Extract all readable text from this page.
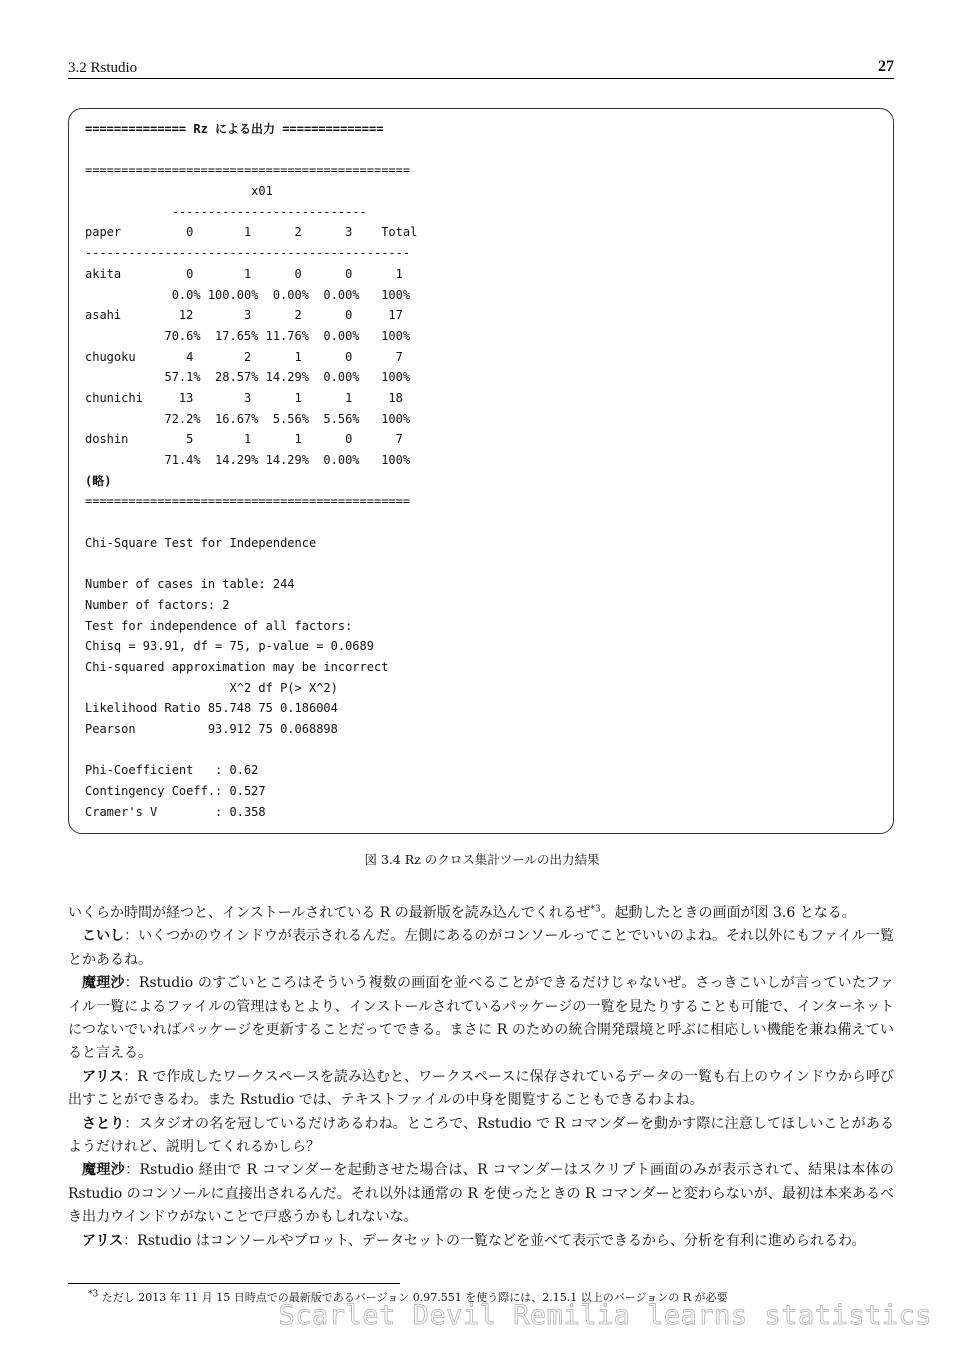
3.2 Rstudio	27
============== Rz による出力 ==============
=============================================
x01
---------------------------
paper         0       1      2      3    Total
---------------------------------------------
akita         0       1      0      0      1
0.0% 100.00%  0.00%  0.00%   100%
asahi        12       3      2      0     17
70.6%  17.65% 11.76%  0.00%   100%
chugoku       4       2      1      0      7
57.1%  28.57% 14.29%  0.00%   100%
chunichi     13       3      1      1     18
72.2%  16.67%  5.56%  5.56%   100%
doshin        5       1      1      0      7
71.4%  14.29% 14.29%  0.00%   100%
(略)
=============================================
Chi-Square Test for Independence
Number of cases in table: 244
Number of factors: 2
Test for independence of all factors:
Chisq = 93.91, df = 75, p-value = 0.0689
Chi-squared approximation may be incorrect
X^2 df P(> X^2)
Likelihood Ratio 85.748 75 0.186004
Pearson          93.912 75 0.068898
Phi-Coefficient   : 0.62
Contingency Coeff.: 0.527
Cramer's V        : 0.358
図 3.4 Rz のクロス集計ツールの出力結果

いくらか時間が経つと、インストールされている R の最新版を読み込んでくれるぜ$^{*3}$。起動したときの画面が図 3.6 となる。

こいし：いくつかのウインドウが表示されるんだ。左側にあるのがコンソールってことでいいのよね。それ以外にもファイル一覧とかあるね。

魔理沙：Rstudio のすごいところはそういう複数の画面を並べることができるだけじゃないぜ。さっきこいしが言っていたファイル一覧によるファイルの管理はもとより、インストールされているパッケージの一覧を見たりすることも可能で、インターネットにつないでいればパッケージを更新することだってできる。まさに R のための統合開発環境と呼ぶに相応しい機能を兼ね備えていると言える。

アリス：R で作成したワークスペースを読み込むと、ワークスペースに保存されているデータの一覧も右上のウインドウから呼び出すことができるわ。また Rstudio では、テキストファイルの中身を閲覧することもできるわよね。

さとり：スタジオの名を冠しているだけあるわね。ところで、Rstudio で R コマンダーを動かす際に注意してほしいことがあるようだけれど、説明してくれるかしら？

魔理沙：Rstudio 経由で R コマンダーを起動させた場合は、R コマンダーはスクリプト画面のみが表示されて、結果は本体の Rstudio のコンソールに直接出されるんだ。それ以外は通常の R を使ったときの R コマンダーと変わらないが、最初は本来あるべき出力ウインドウがないことで戸惑うかもしれないな。

アリス：Rstudio はコンソールやプロット、データセットの一覧などを並べて表示できるから、分析を有利に進められるわ。

$^{*3}$ ただし 2013 年 11 月 15 日時点での最新版であるバージョン 0.97.551 を使う際には、2.15.1 以上のバージョンの R が必要
Scarlet Devil Remilia learns statistics
